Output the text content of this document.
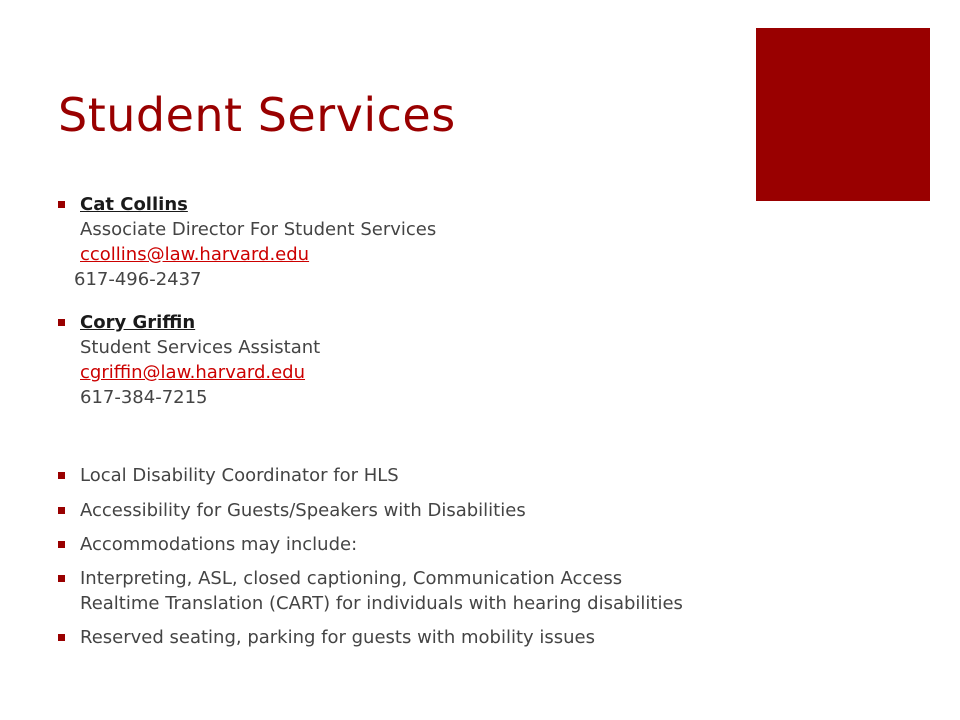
Student Services
Cat Collins
Associate Director For Student Services
ccollins@law.harvard.edu
617-496-2437
Cory Griffin
Student Services Assistant
cgriffin@law.harvard.edu
617-384-7215
Local Disability Coordinator for HLS
Accessibility for Guests/Speakers with Disabilities
Accommodations may include:
Interpreting, ASL, closed captioning, Communication Access
Realtime Translation (CART) for individuals with hearing disabilities
Reserved seating, parking for guests with mobility issues
